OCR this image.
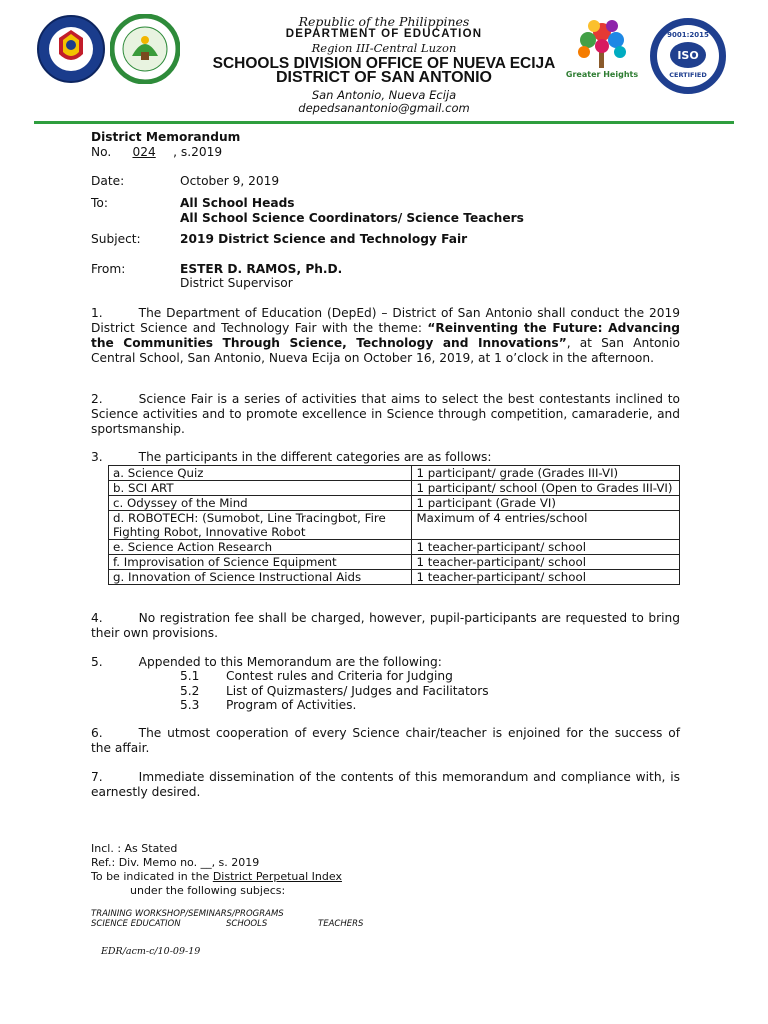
Republic of the Philippines
DEPARTMENT OF EDUCATION
Region III-Central Luzon
SCHOOLS DIVISION OFFICE OF NUEVA ECIJA
DISTRICT OF SAN ANTONIO
San Antonio, Nueva Ecija
depedsanantonio@gmail.com
Greater Heights
9001:2015
ISO
CERTIFIED
District Memorandum
No. 024 , s.2019
Date:	October 9, 2019
To:	All School Heads
All School Science Coordinators/ Science Teachers
Subject:	2019 District Science and Technology Fair
From:	ESTER D. RAMOS, Ph.D.
District Supervisor
1.	The Department of Education (DepEd) – District of San Antonio shall conduct the 2019 District Science and Technology Fair with the theme: “Reinventing the Future: Advancing the Communities Through Science, Technology and Innovations”, at San Antonio Central School, San Antonio, Nueva Ecija on October 16, 2019, at 1 o’clock in the afternoon.
2.	Science Fair is a series of activities that aims to select the best contestants inclined to Science activities and to promote excellence in Science through competition, camaraderie, and sportsmanship.
3.	The participants in the different categories are as follows:
a. Science Quiz	1 participant/ grade (Grades III-VI)
b. SCI ART	1 participant/ school (Open to Grades III-VI)
c. Odyssey of the Mind	1 participant (Grade VI)
d. ROBOTECH: (Sumobot, Line Tracingbot, Fire Fighting Robot, Innovative Robot	Maximum of 4 entries/school
e. Science Action Research	1 teacher-participant/ school
f. Improvisation of Science Equipment	1 teacher-participant/ school
g. Innovation of Science Instructional Aids	1 teacher-participant/ school
4.	No registration fee shall be charged, however, pupil-participants are requested to bring their own provisions.
5.	Appended to this Memorandum are the following:
5.1 Contest rules and Criteria for Judging
5.2 List of Quizmasters/ Judges and Facilitators
5.3 Program of Activities.
6.	The utmost cooperation of every Science chair/teacher is enjoined for the success of the affair.
7.	Immediate dissemination of the contents of this memorandum and compliance with, is earnestly desired.
Incl. : As Stated
Ref.: Div. Memo no. __, s. 2019
To be indicated in the District Perpetual Index
under the following subjecs:
TRAINING WORKSHOP/SEMINARS/PROGRAMS
SCIENCE EDUCATION	SCHOOLS	TEACHERS
EDR/acm-c/10-09-19
